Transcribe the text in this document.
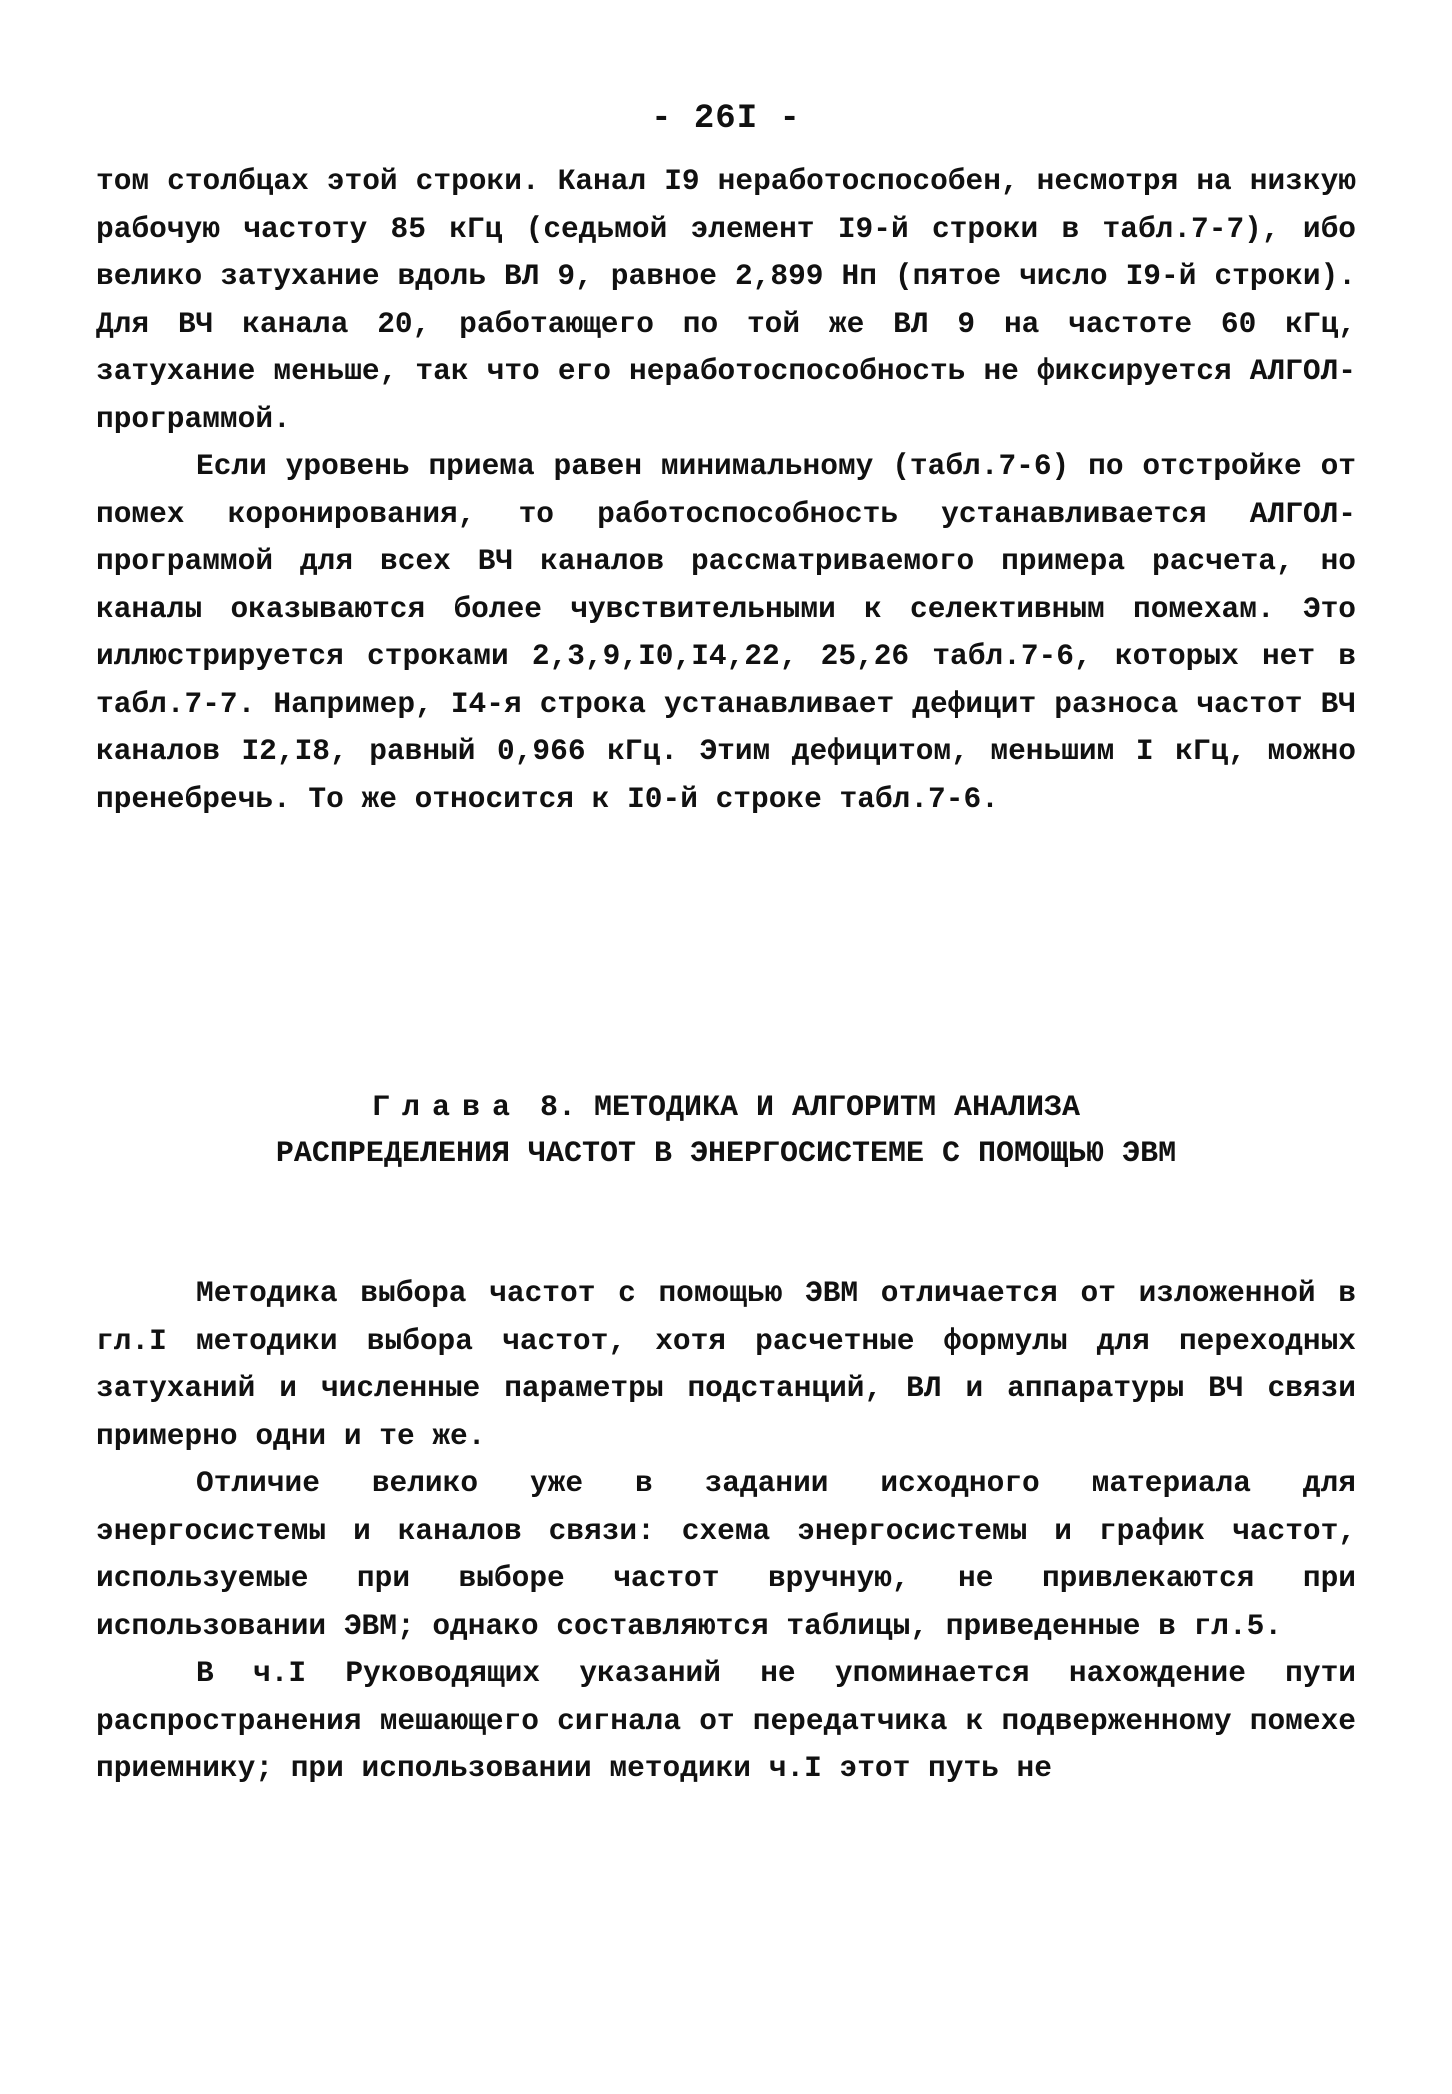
- 26I -

том столбцах этой строки. Канал I9 неработоспособен, несмотря на низкую рабочую частоту 85 кГц (седьмой элемент I9-й строки в табл.7-7), ибо велико затухание вдоль ВЛ 9, равное 2,899 Нп (пятое число I9-й строки). Для ВЧ канала 20, работающего по той же ВЛ 9 на частоте 60 кГц, затухание меньше, так что его неработоспособность не фиксируется АЛГОЛ-программой.

Если уровень приема равен минимальному (табл.7-6) по отстройке от помех коронирования, то работоспособность устанавливается АЛГОЛ-программой для всех ВЧ каналов рассматриваемого примера расчета, но каналы оказываются более чувствительными к селективным помехам. Это иллюстрируется строками 2,3,9,I0,I4,22, 25,26 табл.7-6, которых нет в табл.7-7. Например, I4-я строка устанавливает дефицит разноса частот ВЧ каналов I2,I8, равный 0,966 кГц. Этим дефицитом, меньшим I кГц, можно пренебречь. То же относится к I0-й строке табл.7-6.

Глава 8. МЕТОДИКА И АЛГОРИТМ АНАЛИЗА
РАСПРЕДЕЛЕНИЯ ЧАСТОТ В ЭНЕРГОСИСТЕМЕ С ПОМОЩЬЮ ЭВМ

Методика выбора частот с помощью ЭВМ отличается от изложенной в гл.I методики выбора частот, хотя расчетные формулы для переходных затуханий и численные параметры подстанций, ВЛ и аппаратуры ВЧ связи примерно одни и те же.

Отличие велико уже в задании исходного материала для энергосистемы и каналов связи: схема энергосистемы и график частот, используемые при выборе частот вручную, не привлекаются при использовании ЭВМ; однако составляются таблицы, приведенные в гл.5.

В ч.I Руководящих указаний не упоминается нахождение пути распространения мешающего сигнала от передатчика к подверженному помехе приемнику; при использовании методики ч.I этот путь не
